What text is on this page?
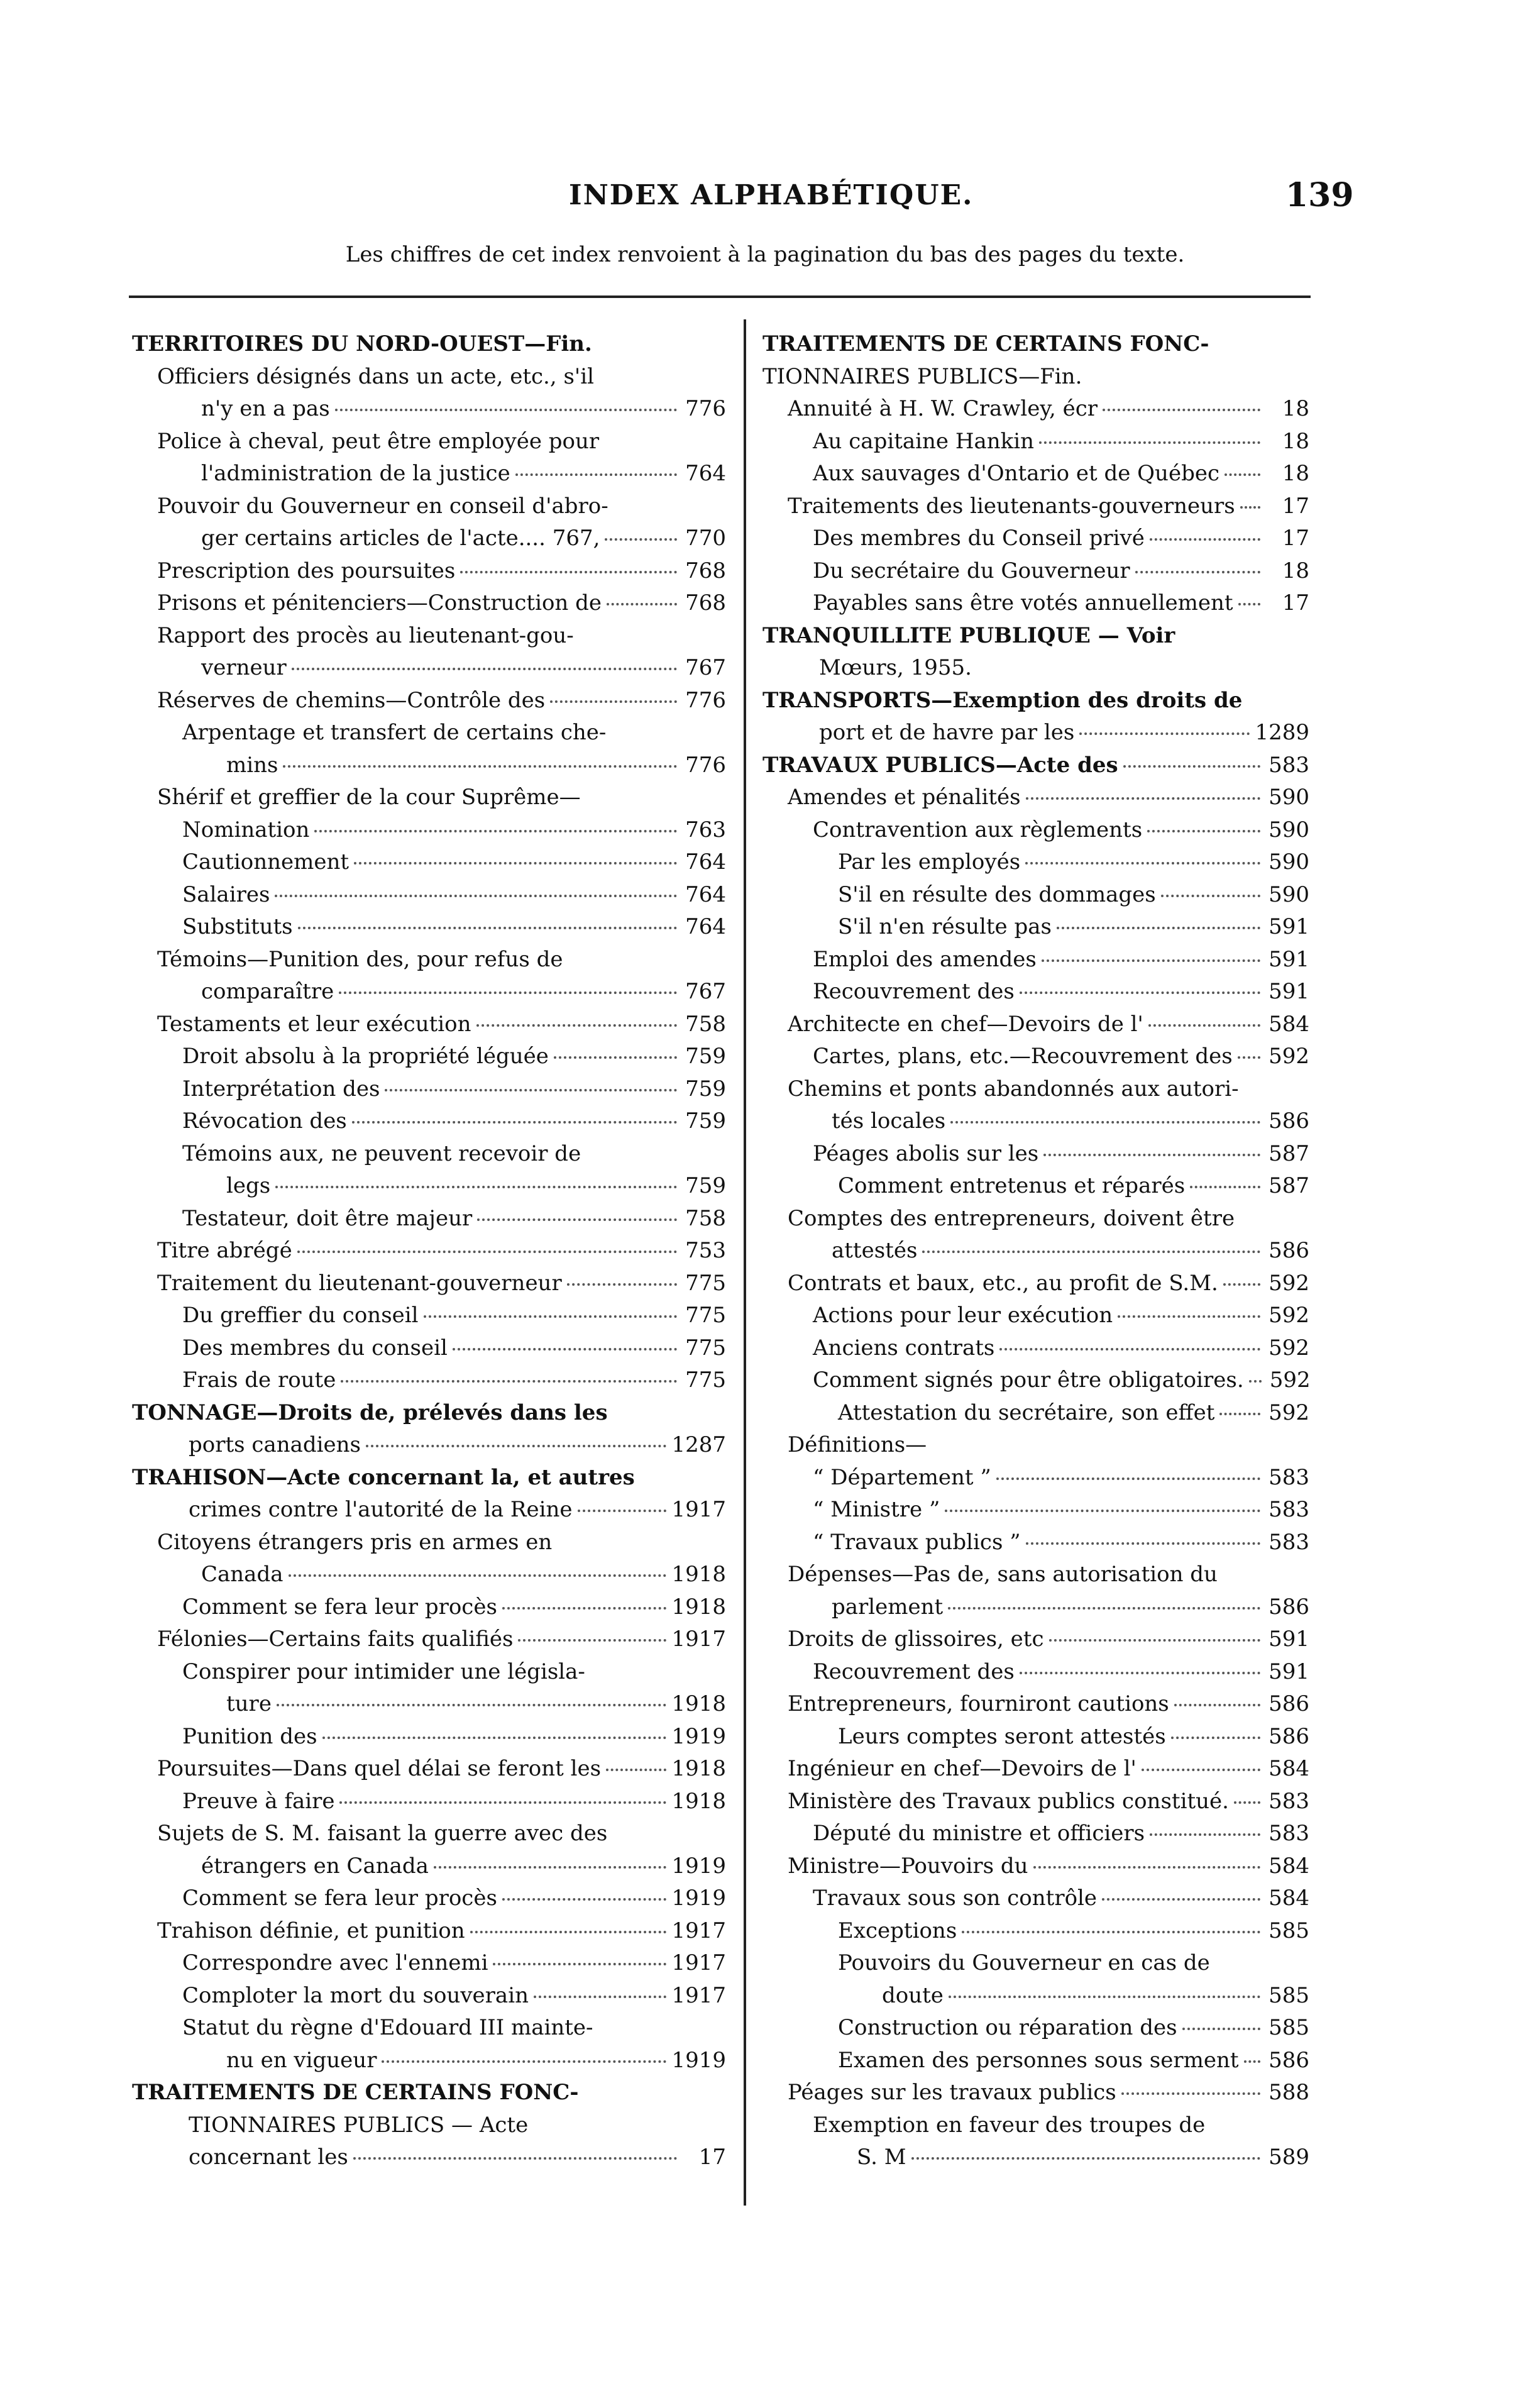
INDEX ALPHABÉTIQUE.	139
Les chiffres de cet index renvoient à la pagination du bas des pages du texte.
TERRITOIRES DU NORD-OUEST—Fin.
Officiers désignés dans un acte, etc., s'il
n'y en a pas	776
Police à cheval, peut être employée pour
l'administration de la justice	764
Pouvoir du Gouverneur en conseil d'abro-
ger certains articles de l'acte.... 767,	770
Prescription des poursuites	768
Prisons et pénitenciers—Construction de	768
Rapport des procès au lieutenant-gou-
verneur	767
Réserves de chemins—Contrôle des	776
Arpentage et transfert de certains che-
mins	776
Shérif et greffier de la cour Suprême—
Nomination	763
Cautionnement	764
Salaires	764
Substituts	764
Témoins—Punition des, pour refus de
comparaître	767
Testaments et leur exécution	758
Droit absolu à la propriété léguée	759
Interprétation des	759
Révocation des	759
Témoins aux, ne peuvent recevoir de
legs	759
Testateur, doit être majeur	758
Titre abrégé	753
Traitement du lieutenant-gouverneur	775
Du greffier du conseil	775
Des membres du conseil	775
Frais de route	775
TONNAGE—Droits de, prélevés dans les
ports canadiens	1287
TRAHISON—Acte concernant la, et autres
crimes contre l'autorité de la Reine	1917
Citoyens étrangers pris en armes en
Canada	1918
Comment se fera leur procès	1918
Félonies—Certains faits qualifiés	1917
Conspirer pour intimider une législa-
ture	1918
Punition des	1919
Poursuites—Dans quel délai se feront les	1918
Preuve à faire	1918
Sujets de S. M. faisant la guerre avec des
étrangers en Canada	1919
Comment se fera leur procès	1919
Trahison définie, et punition	1917
Correspondre avec l'ennemi	1917
Comploter la mort du souverain	1917
Statut du règne d'Edouard III mainte-
nu en vigueur	1919
TRAITEMENTS DE CERTAINS FONC-
TIONNAIRES PUBLICS — Acte
concernant les	17
TRAITEMENTS DE CERTAINS FONC-
TIONNAIRES PUBLICS—Fin.
Annuité à H. W. Crawley, écr	18
Au capitaine Hankin	18
Aux sauvages d'Ontario et de Québec	18
Traitements des lieutenants-gouverneurs	17
Des membres du Conseil privé	17
Du secrétaire du Gouverneur	18
Payables sans être votés annuellement	17
TRANQUILLITE PUBLIQUE — Voir
Mœurs, 1955.
TRANSPORTS—Exemption des droits de
port et de havre par les	1289
TRAVAUX PUBLICS—Acte des	583
Amendes et pénalités	590
Contravention aux règlements	590
Par les employés	590
S'il en résulte des dommages	590
S'il n'en résulte pas	591
Emploi des amendes	591
Recouvrement des	591
Architecte en chef—Devoirs de l'	584
Cartes, plans, etc.—Recouvrement des 592
Chemins et ponts abandonnés aux autori-
tés locales	586
Péages abolis sur les	587
Comment entretenus et réparés	587
Comptes des entrepreneurs, doivent être
attestés	586
Contrats et baux, etc., au profit de S.M. 592
Actions pour leur exécution	592
Anciens contrats	592
Comment signés pour être obligatoires. 592
Attestation du secrétaire, son effet	592
Définitions—
“ Département ”	583
“ Ministre ”	583
“ Travaux publics ”	583
Dépenses—Pas de, sans autorisation du
parlement	586
Droits de glissoires, etc	591
Recouvrement des	591
Entrepreneurs, fourniront cautions	586
Leurs comptes seront attestés	586
Ingénieur en chef—Devoirs de l'	584
Ministère des Travaux publics constitué. 583
Député du ministre et officiers	583
Ministre—Pouvoirs du	584
Travaux sous son contrôle	584
Exceptions	585
Pouvoirs du Gouverneur en cas de
doute	585
Construction ou réparation des	585
Examen des personnes sous serment 586
Péages sur les travaux publics	588
Exemption en faveur des troupes de
S. M	589
